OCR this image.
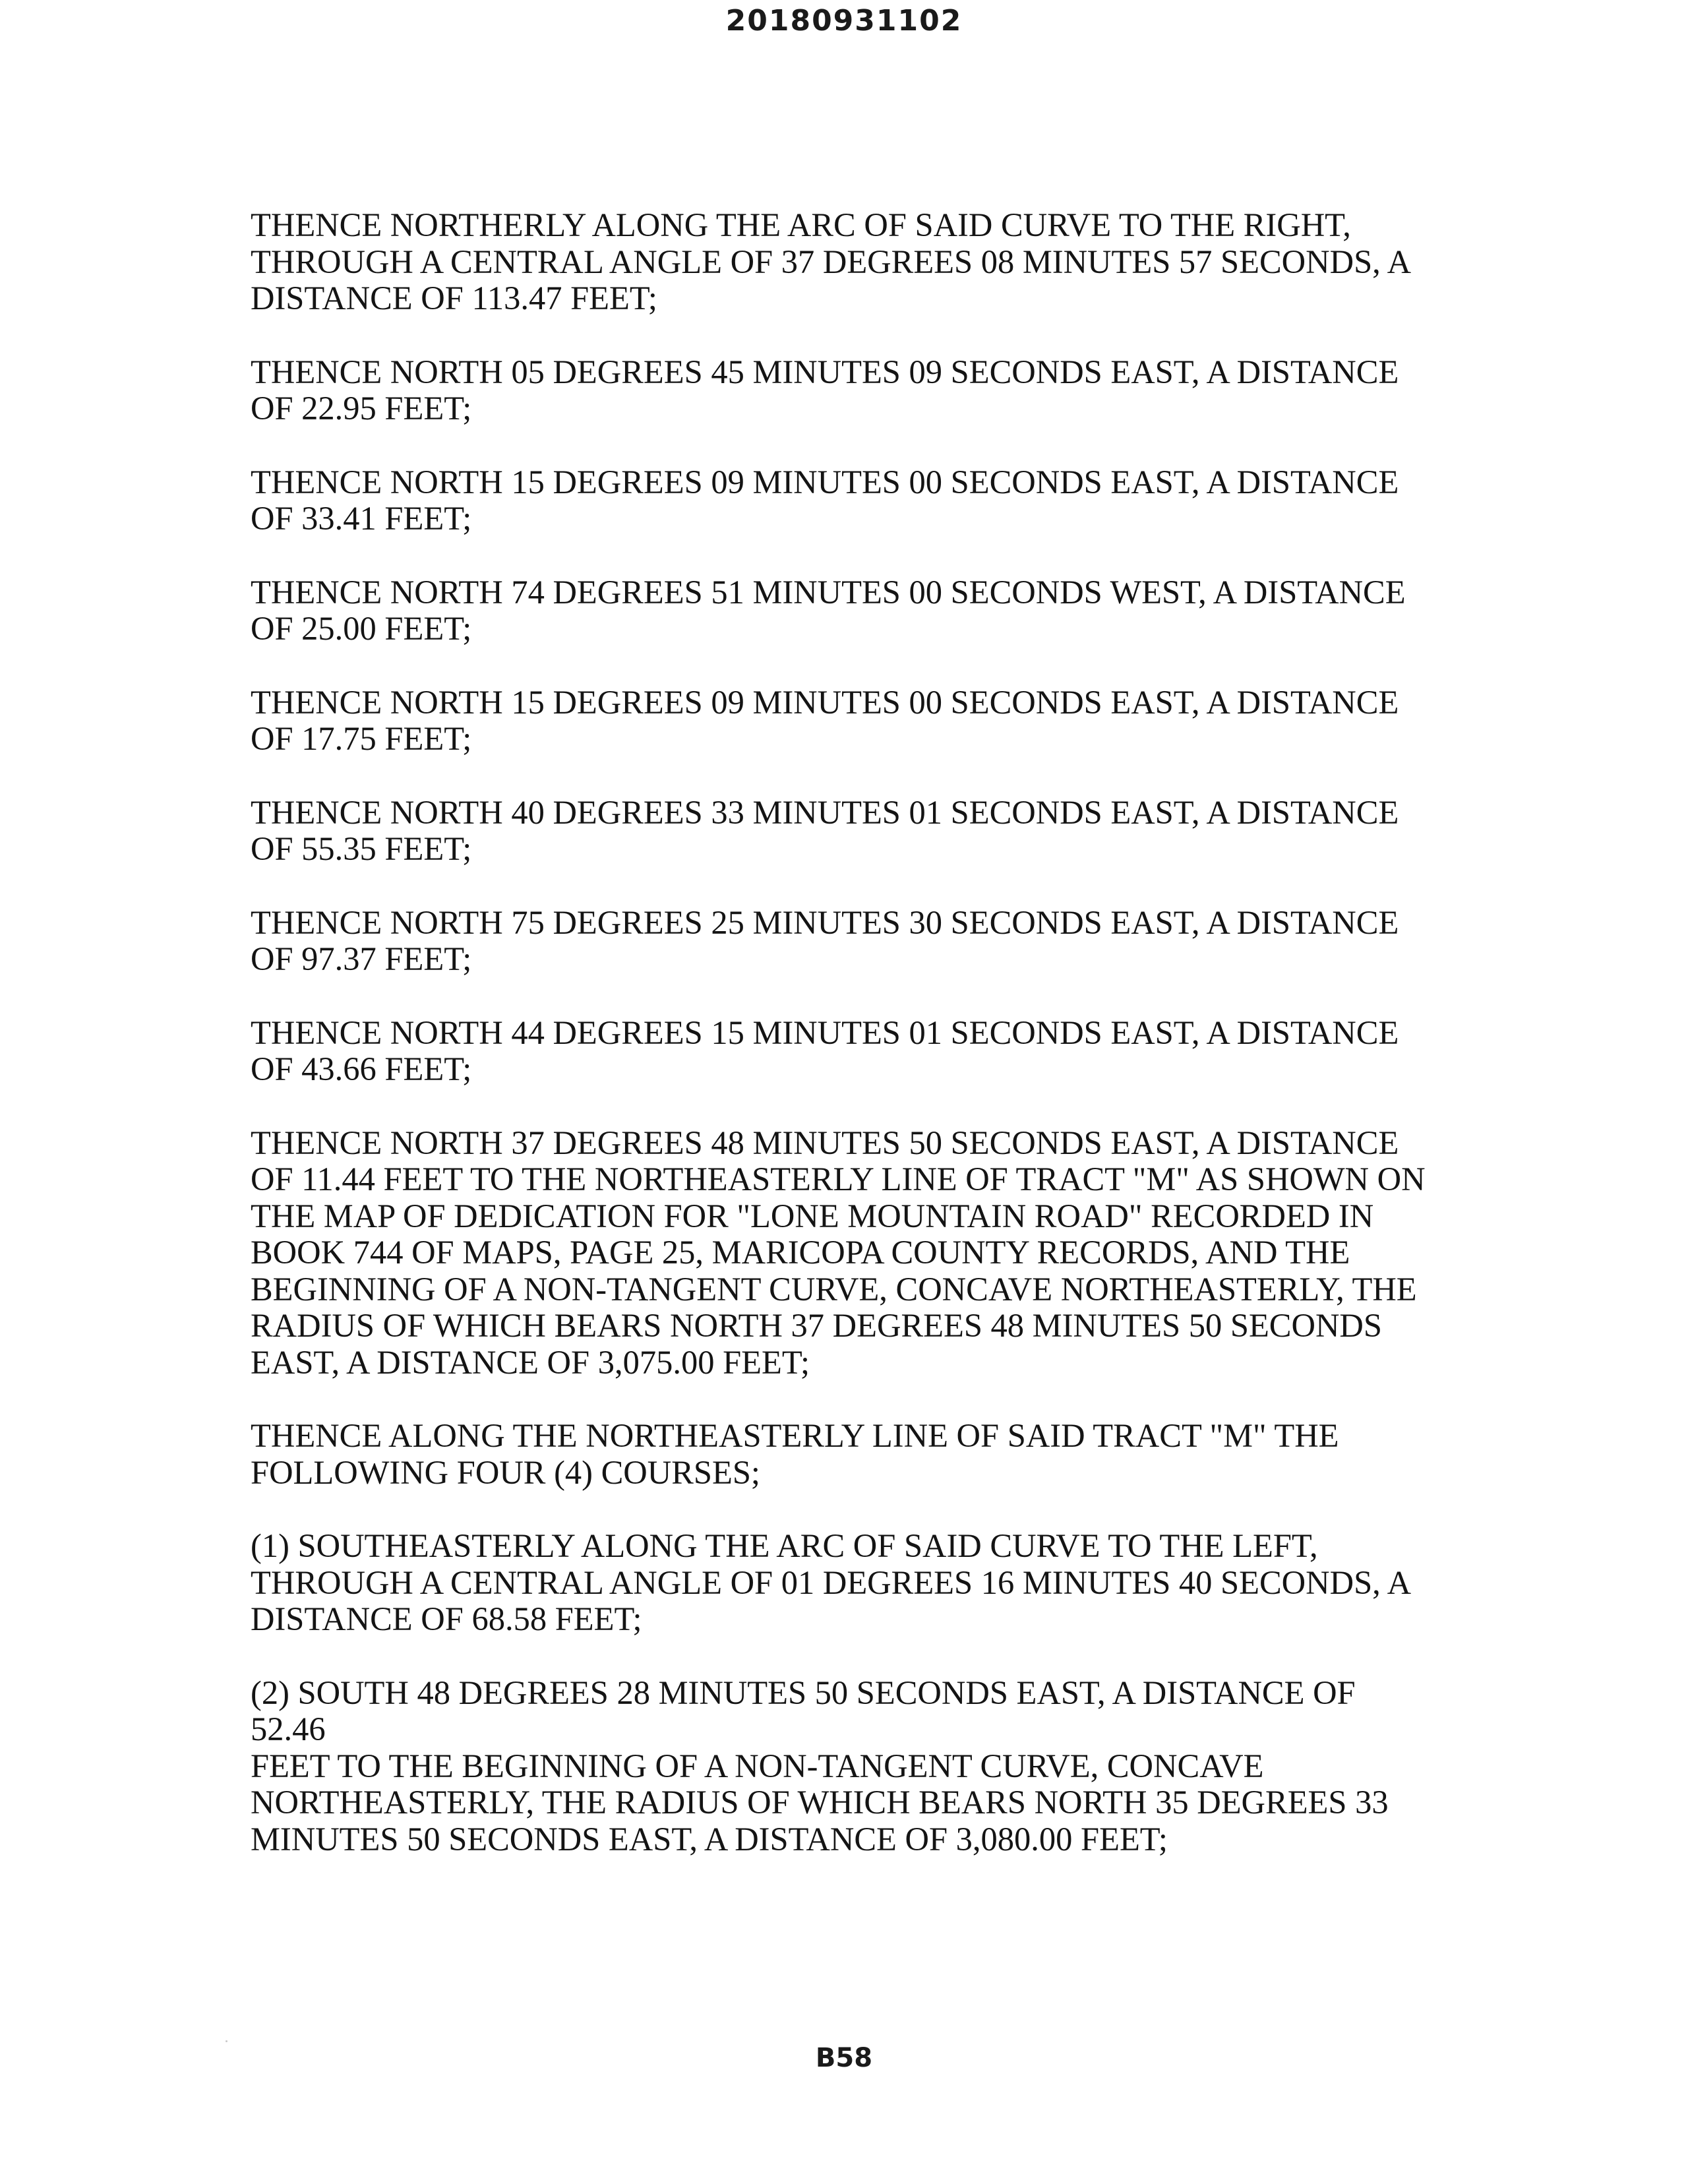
20180931102

THENCE NORTHERLY ALONG THE ARC OF SAID CURVE TO THE RIGHT,
THROUGH A CENTRAL ANGLE OF 37 DEGREES 08 MINUTES 57 SECONDS, A
DISTANCE OF 113.47 FEET;

THENCE NORTH 05 DEGREES 45 MINUTES 09 SECONDS EAST, A DISTANCE
OF 22.95 FEET;

THENCE NORTH 15 DEGREES 09 MINUTES 00 SECONDS EAST, A DISTANCE
OF 33.41 FEET;

THENCE NORTH 74 DEGREES 51 MINUTES 00 SECONDS WEST, A DISTANCE
OF 25.00 FEET;

THENCE NORTH 15 DEGREES 09 MINUTES 00 SECONDS EAST, A DISTANCE
OF 17.75 FEET;

THENCE NORTH 40 DEGREES 33 MINUTES 01 SECONDS EAST, A DISTANCE
OF 55.35 FEET;

THENCE NORTH 75 DEGREES 25 MINUTES 30 SECONDS EAST, A DISTANCE
OF 97.37 FEET;

THENCE NORTH 44 DEGREES 15 MINUTES 01 SECONDS EAST, A DISTANCE
OF 43.66 FEET;

THENCE NORTH 37 DEGREES 48 MINUTES 50 SECONDS EAST, A DISTANCE
OF 11.44 FEET TO THE NORTHEASTERLY LINE OF TRACT "M" AS SHOWN ON
THE MAP OF DEDICATION FOR "LONE MOUNTAIN ROAD" RECORDED IN
BOOK 744 OF MAPS, PAGE 25, MARICOPA COUNTY RECORDS, AND THE
BEGINNING OF A NON-TANGENT CURVE, CONCAVE NORTHEASTERLY, THE
RADIUS OF WHICH BEARS NORTH 37 DEGREES 48 MINUTES 50 SECONDS
EAST, A DISTANCE OF 3,075.00 FEET;

THENCE ALONG THE NORTHEASTERLY LINE OF SAID TRACT "M" THE
FOLLOWING FOUR (4) COURSES;

(1) SOUTHEASTERLY ALONG THE ARC OF SAID CURVE TO THE LEFT,
THROUGH A CENTRAL ANGLE OF 01 DEGREES 16 MINUTES 40 SECONDS, A
DISTANCE OF 68.58 FEET;

(2) SOUTH 48 DEGREES 28 MINUTES 50 SECONDS EAST, A DISTANCE OF 52.46
FEET TO THE BEGINNING OF A NON-TANGENT CURVE, CONCAVE
NORTHEASTERLY, THE RADIUS OF WHICH BEARS NORTH 35 DEGREES 33
MINUTES 50 SECONDS EAST, A DISTANCE OF 3,080.00 FEET;

B58
